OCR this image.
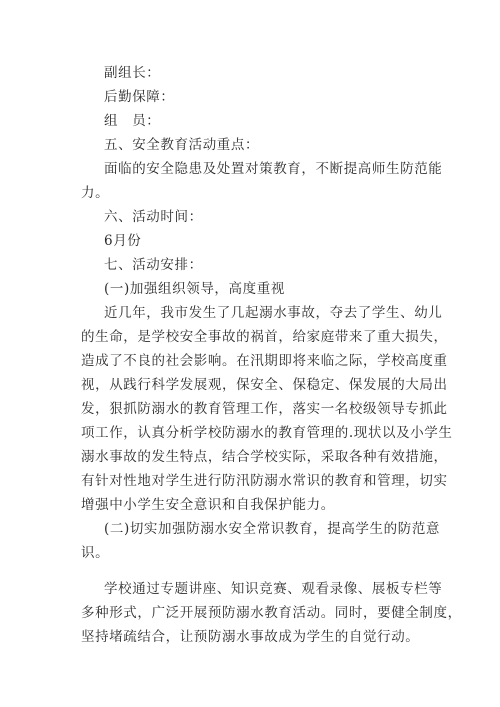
副组长：
后勤保障：
组　员：
五、安全教育活动重点：
面临的安全隐患及处置对策教育，不断提高师生防范能
力。
六、活动时间：
6月份
七、活动安排：
(一)加强组织领导，高度重视
近几年，我市发生了几起溺水事故，夺去了学生、幼儿
的生命，是学校安全事故的祸首，给家庭带来了重大损失，
造成了不良的社会影响。在汛期即将来临之际，学校高度重
视，从践行科学发展观，保安全、保稳定、保发展的大局出
发，狠抓防溺水的教育管理工作，落实一名校级领导专抓此
项工作，认真分析学校防溺水的教育管理的.现状以及小学生
溺水事故的发生特点，结合学校实际，采取各种有效措施，
有针对性地对学生进行防汛防溺水常识的教育和管理，切实
增强中小学生安全意识和自我保护能力。
(二)切实加强防溺水安全常识教育，提高学生的防范意
识。
学校通过专题讲座、知识竞赛、观看录像、展板专栏等
多种形式，广泛开展预防溺水教育活动。同时，要健全制度，
坚持堵疏结合，让预防溺水事故成为学生的自觉行动。
